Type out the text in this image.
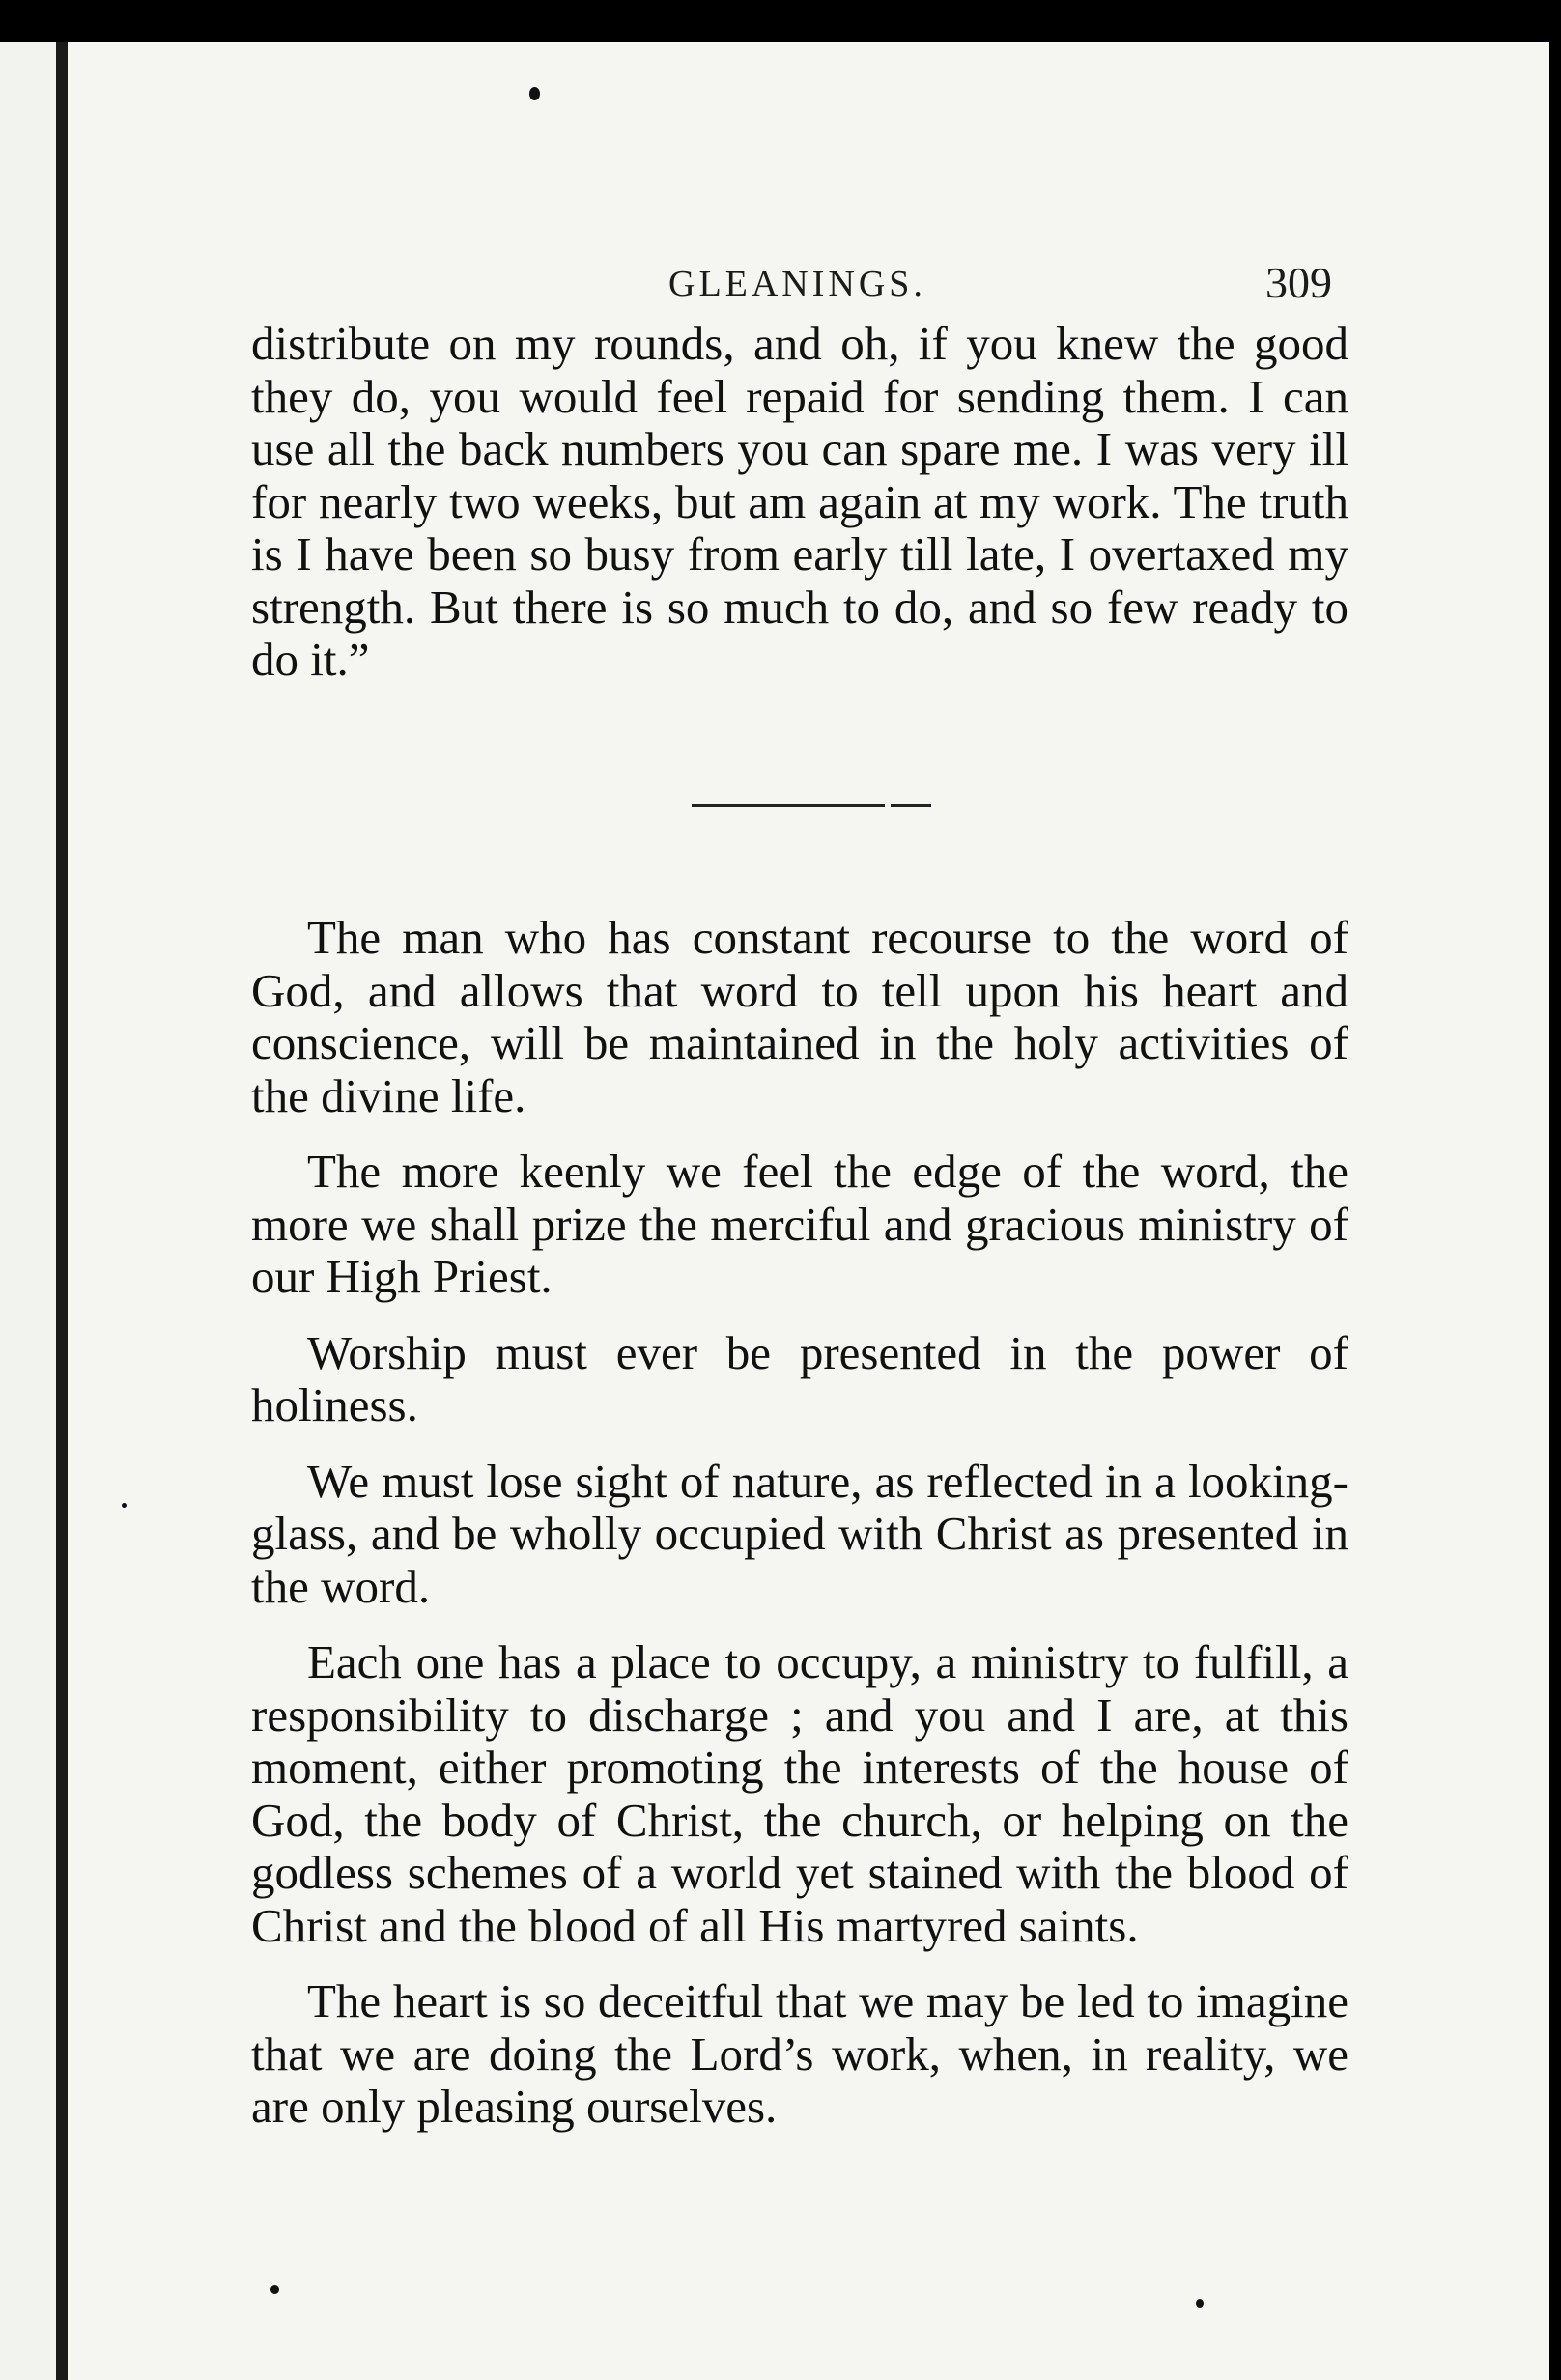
GLEANINGS.	309

distribute on my rounds, and oh, if you knew the good they do, you would feel repaid for sending them. I can use all the back numbers you can spare me. I was very ill for nearly two weeks, but am again at my work. The truth is I have been so busy from early till late, I overtaxed my strength. But there is so much to do, and so few ready to do it.”

The man who has constant recourse to the word of God, and allows that word to tell upon his heart and conscience, will be maintained in the holy activities of the divine life.

The more keenly we feel the edge of the word, the more we shall prize the merciful and gracious ministry of our High Priest.

Worship must ever be presented in the power of holiness.

We must lose sight of nature, as reflected in a looking-glass, and be wholly occupied with Christ as presented in the word.

Each one has a place to occupy, a ministry to fulfill, a responsibility to discharge ; and you and I are, at this moment, either promoting the interests of the house of God, the body of Christ, the church, or helping on the godless schemes of a world yet stained with the blood of Christ and the blood of all His martyred saints.

The heart is so deceitful that we may be led to imagine that we are doing the Lord’s work, when, in reality, we are only pleasing ourselves.
